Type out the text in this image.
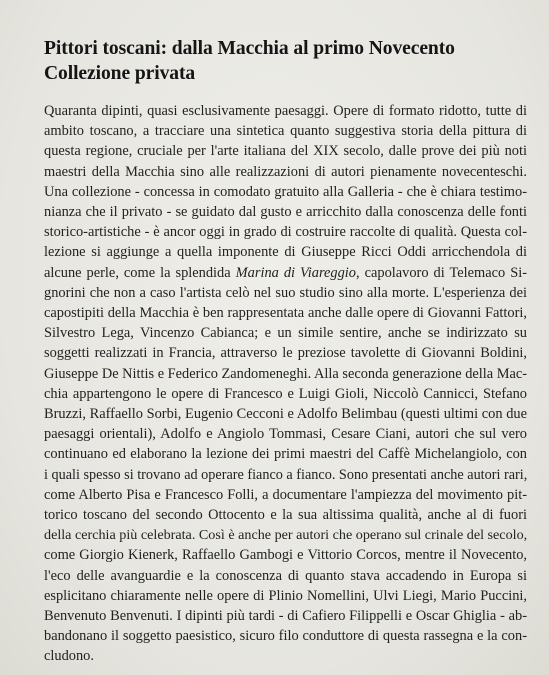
Pittori toscani: dalla Macchia al primo Novecento
Collezione privata
Quaranta dipinti, quasi esclusivamente paesaggi. Opere di formato ridotto, tutte di
ambito toscano, a tracciare una sintetica quanto suggestiva storia della pittura di
questa regione, cruciale per l'arte italiana del XIX secolo, dalle prove dei più noti
maestri della Macchia sino alle realizzazioni di autori pienamente novecenteschi.
Una collezione - concessa in comodato gratuito alla Galleria - che è chiara testimo-
nianza che il privato - se guidato dal gusto e arricchito dalla conoscenza delle fonti
storico-artistiche - è ancor oggi in grado di costruire raccolte di qualità. Questa col-
lezione si aggiunge a quella imponente di Giuseppe Ricci Oddi arricchendola di
alcune perle, come la splendida Marina di Viareggio, capolavoro di Telemaco Si-
gnorini che non a caso l'artista celò nel suo studio sino alla morte. L'esperienza dei
capostipiti della Macchia è ben rappresentata anche dalle opere di Giovanni Fattori,
Silvestro Lega, Vincenzo Cabianca; e un simile sentire, anche se indirizzato su
soggetti realizzati in Francia, attraverso le preziose tavolette di Giovanni Boldini,
Giuseppe De Nittis e Federico Zandomeneghi. Alla seconda generazione della Mac-
chia appartengono le opere di Francesco e Luigi Gioli, Niccolò Cannicci, Stefano
Bruzzi, Raffaello Sorbi, Eugenio Cecconi e Adolfo Belimbau (questi ultimi con due
paesaggi orientali), Adolfo e Angiolo Tommasi, Cesare Ciani, autori che sul vero
continuano ed elaborano la lezione dei primi maestri del Caffè Michelangiolo, con
i quali spesso si trovano ad operare fianco a fianco. Sono presentati anche autori rari,
come Alberto Pisa e Francesco Folli, a documentare l'ampiezza del movimento pit-
torico toscano del secondo Ottocento e la sua altissima qualità, anche al di fuori
della cerchia più celebrata. Così è anche per autori che operano sul crinale del secolo,
come Giorgio Kienerk, Raffaello Gambogi e Vittorio Corcos, mentre il Novecento,
l'eco delle avanguardie e la conoscenza di quanto stava accadendo in Europa si
esplicitano chiaramente nelle opere di Plinio Nomellini, Ulvi Liegi, Mario Puccini,
Benvenuto Benvenuti. I dipinti più tardi - di Cafiero Filippelli e Oscar Ghiglia - ab-
bandonano il soggetto paesistico, sicuro filo conduttore di questa rassegna e la con-
cludono.
